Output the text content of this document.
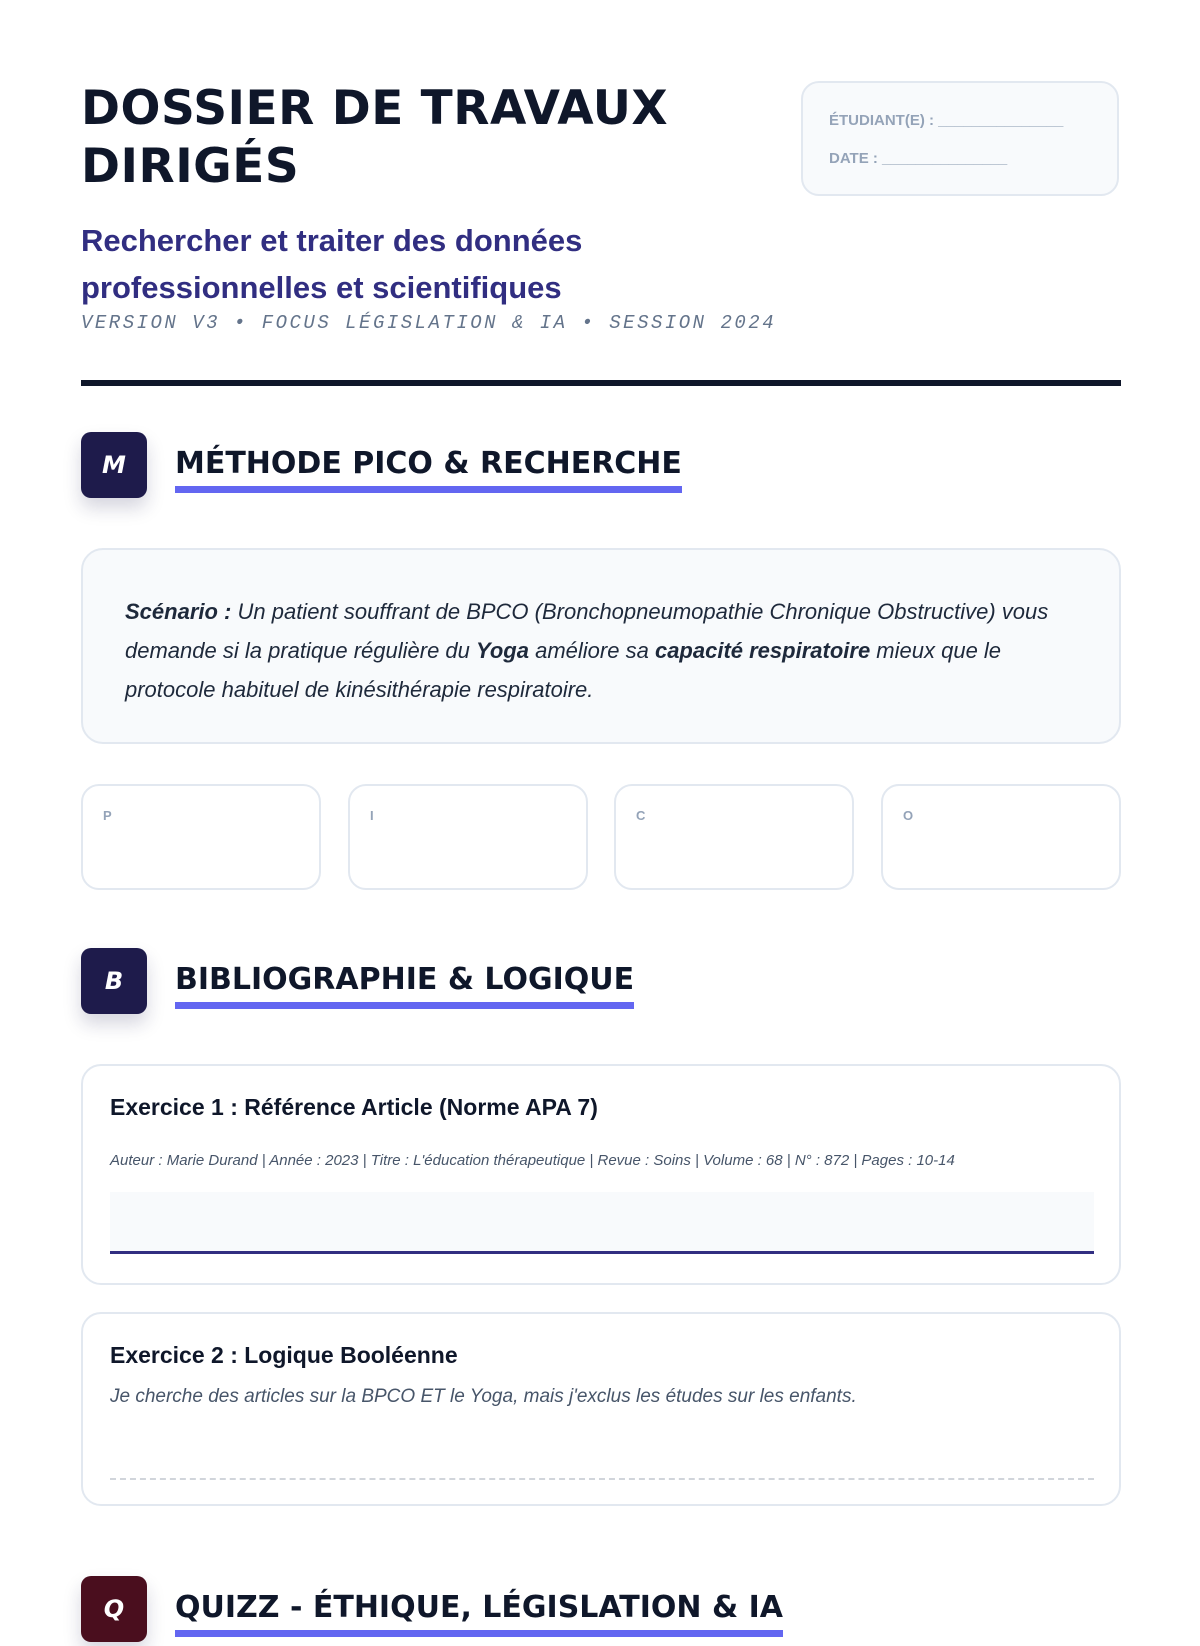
DOSSIER DE TRAVAUX
DIRIGÉS
Rechercher et traiter des données
professionnelles et scientifiques
VERSION V3 • FOCUS LÉGISLATION & IA • SESSION 2024
ÉTUDIANT(E) : _______________
DATE : _______________
M	MÉTHODE PICO & RECHERCHE
Scénario : Un patient souffrant de BPCO (Bronchopneumopathie Chronique Obstructive) vous demande si la pratique régulière du Yoga améliore sa capacité respiratoire mieux que le protocole habituel de kinésithérapie respiratoire.
P	I	C	O
B	BIBLIOGRAPHIE & LOGIQUE
Exercice 1 : Référence Article (Norme APA 7)
Auteur : Marie Durand | Année : 2023 | Titre : L'éducation thérapeutique | Revue : Soins | Volume : 68 | N° : 872 | Pages : 10-14
Exercice 2 : Logique Booléenne
Je cherche des articles sur la BPCO ET le Yoga, mais j'exclus les études sur les enfants.
Q	QUIZZ - ÉTHIQUE, LÉGISLATION & IA
